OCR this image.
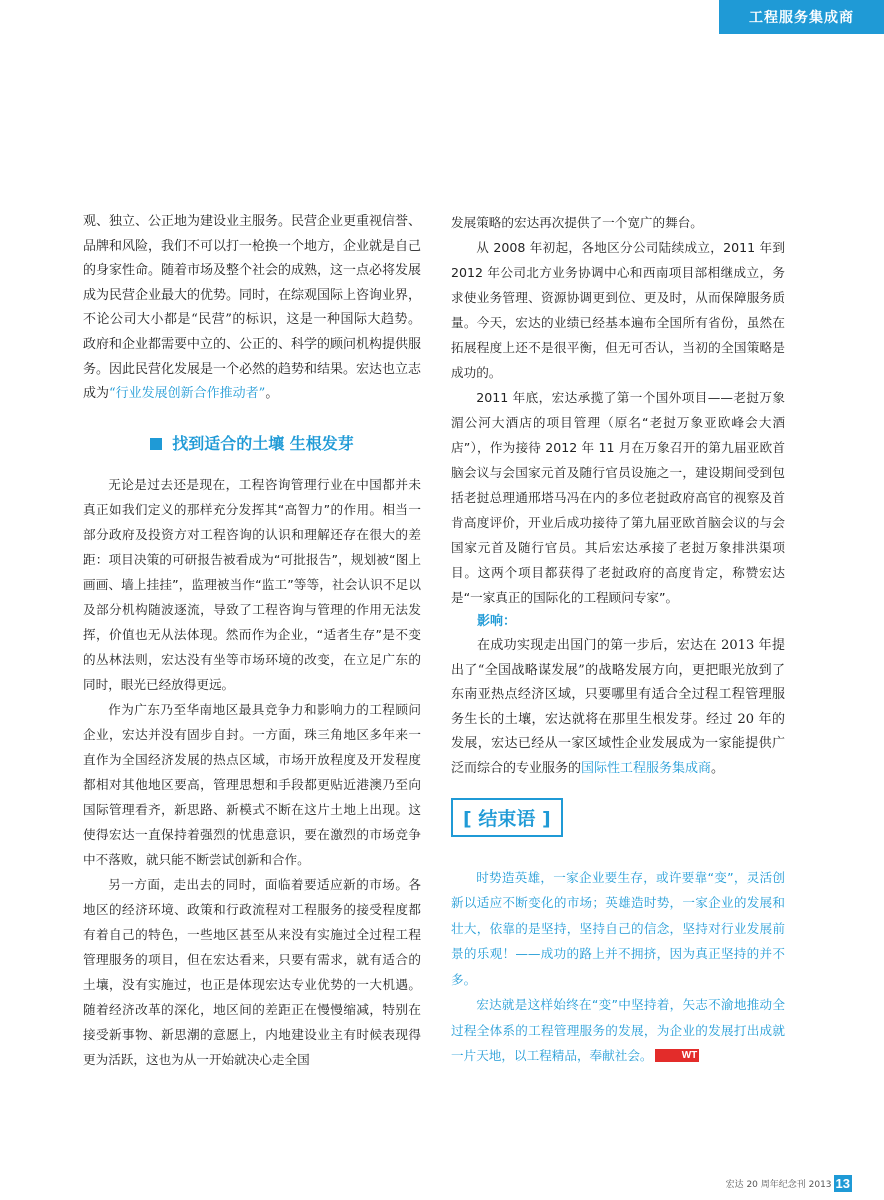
工程服务集成商

观、独立、公正地为建设业主服务。民营企业更重视信誉、品牌和风险，我们不可以打一枪换一个地方，企业就是自己的身家性命。随着市场及整个社会的成熟，这一点必将发展成为民营企业最大的优势。同时，在综观国际上咨询业界，不论公司大小都是“民营”的标识，这是一种国际大趋势。政府和企业都需要中立的、公正的、科学的顾问机构提供服务。因此民营化发展是一个必然的趋势和结果。宏达也立志成为“行业发展创新合作推动者”。

找到适合的土壤 生根发芽

无论是过去还是现在，工程咨询管理行业在中国都并未真正如我们定义的那样充分发挥其“高智力”的作用。相当一部分政府及投资方对工程咨询的认识和理解还存在很大的差距：项目决策的可研报告被看成为“可批报告”，规划被“图上画画、墙上挂挂”，监理被当作“监工”等等，社会认识不足以及部分机构随波逐流，导致了工程咨询与管理的作用无法发挥，价值也无从法体现。然而作为企业，“适者生存”是不变的丛林法则，宏达没有坐等市场环境的改变，在立足广东的同时，眼光已经放得更远。

作为广东乃至华南地区最具竞争力和影响力的工程顾问企业，宏达并没有固步自封。一方面，珠三角地区多年来一直作为全国经济发展的热点区域，市场开放程度及开发程度都相对其他地区要高，管理思想和手段都更贴近港澳乃至向国际管理看齐，新思路、新模式不断在这片土地上出现。这使得宏达一直保持着强烈的忧患意识，要在激烈的市场竞争中不落败，就只能不断尝试创新和合作。

另一方面，走出去的同时，面临着要适应新的市场。各地区的经济环境、政策和行政流程对工程服务的接受程度都有着自己的特色，一些地区甚至从来没有实施过全过程工程管理服务的项目，但在宏达看来，只要有需求，就有适合的土壤，没有实施过，也正是体现宏达专业优势的一大机遇。随着经济改革的深化，地区间的差距正在慢慢缩减，特别在接受新事物、新思潮的意愿上，内地建设业主有时候表现得更为活跃，这也为从一开始就决心走全国

发展策略的宏达再次提供了一个宽广的舞台。

从 2008 年初起，各地区分公司陆续成立，2011 年到 2012 年公司北方业务协调中心和西南项目部相继成立，务求使业务管理、资源协调更到位、更及时，从而保障服务质量。今天，宏达的业绩已经基本遍布全国所有省份，虽然在拓展程度上还不是很平衡，但无可否认，当初的全国策略是成功的。

2011 年底，宏达承揽了第一个国外项目——老挝万象湄公河大酒店的项目管理（原名“老挝万象亚欧峰会大酒店”），作为接待 2012 年 11 月在万象召开的第九届亚欧首脑会议与会国家元首及随行官员设施之一，建设期间受到包括老挝总理通邢塔马冯在内的多位老挝政府高官的视察及首肯高度评价，开业后成功接待了第九届亚欧首脑会议的与会国家元首及随行官员。其后宏达承接了老挝万象排洪渠项目。这两个项目都获得了老挝政府的高度肯定，称赞宏达是“一家真正的国际化的工程顾问专家”。

影响：

在成功实现走出国门的第一步后，宏达在 2013 年提出了“全国战略谋发展”的战略发展方向，更把眼光放到了东南亚热点经济区域，只要哪里有适合全过程工程管理服务生长的土壤，宏达就将在那里生根发芽。经过 20 年的发展，宏达已经从一家区域性企业发展成为一家能提供广泛而综合的专业服务的国际性工程服务集成商。

[ 结束语 ]

时势造英雄，一家企业要生存，或许要靠“变”，灵活创新以适应不断变化的市场；英雄造时势，一家企业的发展和壮大，依靠的是坚持，坚持自己的信念，坚持对行业发展前景的乐观！——成功的路上并不拥挤，因为真正坚持的并不多。

宏达就是这样始终在“变”中坚持着，矢志不渝地推动全过程全体系的工程管理服务的发展，为企业的发展打出成就一片天地，以工程精品，奉献社会。	WT

宏达 20 周年纪念刊 2013 13
